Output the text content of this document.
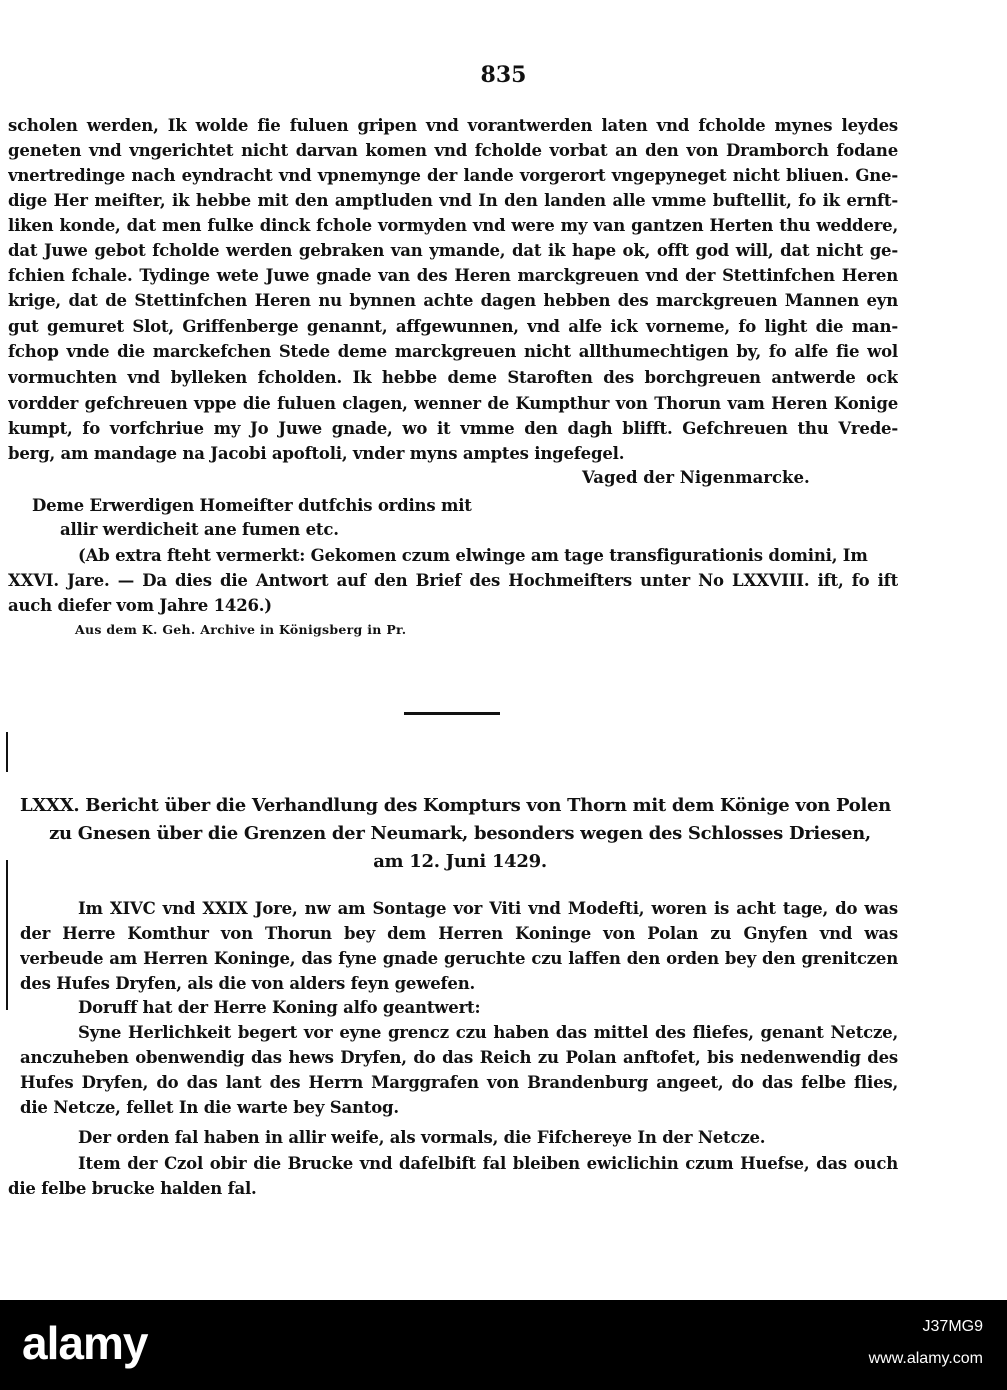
835
scholen werden, Ik wolde fie fuluen gripen vnd vorantwerden laten vnd fcholde mynes leydes
geneten vnd vngerichtet nicht darvan komen vnd fcholde vorbat an den von Dramborch fodane
vnertredinge nach eyndracht vnd vpnemynge der lande vorgerort vngepyneget nicht bliuen. Gne-
dige Her meifter, ik hebbe mit den amptluden vnd In den landen alle vmme buftellit, fo ik ernft-
liken konde, dat men fulke dinck fchole vormyden vnd were my van gantzen Herten thu weddere,
dat Juwe gebot fcholde werden gebraken van ymande, dat ik hape ok, offt god will, dat nicht ge-
fchien fchale. Tydinge wete Juwe gnade van des Heren marckgreuen vnd der Stettinfchen Heren
krige, dat de Stettinfchen Heren nu bynnen achte dagen hebben des marckgreuen Mannen eyn
gut gemuret Slot, Griffenberge genannt, affgewunnen, vnd alfe ick vorneme, fo light die man-
fchop vnde die marckefchen Stede deme marckgreuen nicht allthumechtigen by, fo alfe fie wol
vormuchten vnd bylleken fcholden. Ik hebbe deme Staroften des borchgreuen antwerde ock
vordder gefchreuen vppe die fuluen clagen, wenner de Kumpthur von Thorun vam Heren Konige
kumpt, fo vorfchriue my Jo Juwe gnade, wo it vmme den dagh blifft. Gefchreuen thu Vrede-
berg, am mandage na Jacobi apoftoli, vnder myns amptes ingefegel.
Vaged der Nigenmarcke.
Deme Erwerdigen Homeifter dutfchis ordins mit
allir werdicheit ane fumen etc.
(Ab extra fteht vermerkt: Gekomen czum elwinge am tage transfigurationis domini, Im
XXVI. Jare. — Da dies die Antwort auf den Brief des Hochmeifters unter No LXXVIII. ift, fo ift
auch diefer vom Jahre 1426.)
Aus dem K. Geh. Archive in Königsberg in Pr.
LXXX. Bericht über die Verhandlung des Kompturs von Thorn mit dem Könige von Polen
zu Gnesen über die Grenzen der Neumark, besonders wegen des Schlosses Driesen,
am 12. Juni 1429.
Im XIVC vnd XXIX Jore, nw am Sontage vor Viti vnd Modefti, woren is acht tage, do was
der Herre Komthur von Thorun bey dem Herren Koninge von Polan zu Gnyfen vnd was
verbeude am Herren Koninge, das fyne gnade geruchte czu laffen den orden bey den grenitczen
des Hufes Dryfen, als die von alders feyn gewefen.
Doruff hat der Herre Koning alfo geantwert:
Syne Herlichkeit begert vor eyne grencz czu haben das mittel des fliefes, genant Netcze,
anczuheben obenwendig das hews Dryfen, do das Reich zu Polan anftofet, bis nedenwendig des
Hufes Dryfen, do das lant des Herrn Marggrafen von Brandenburg angeet, do das felbe flies,
die Netcze, fellet In die warte bey Santog.
Der orden fal haben in allir weife, als vormals, die Fifchereye In der Netcze.
Item der Czol obir die Brucke vnd dafelbift fal bleiben ewiclichin czum Huefse, das ouch
die felbe brucke halden fal.
alamy	J37MG9
www.alamy.com
